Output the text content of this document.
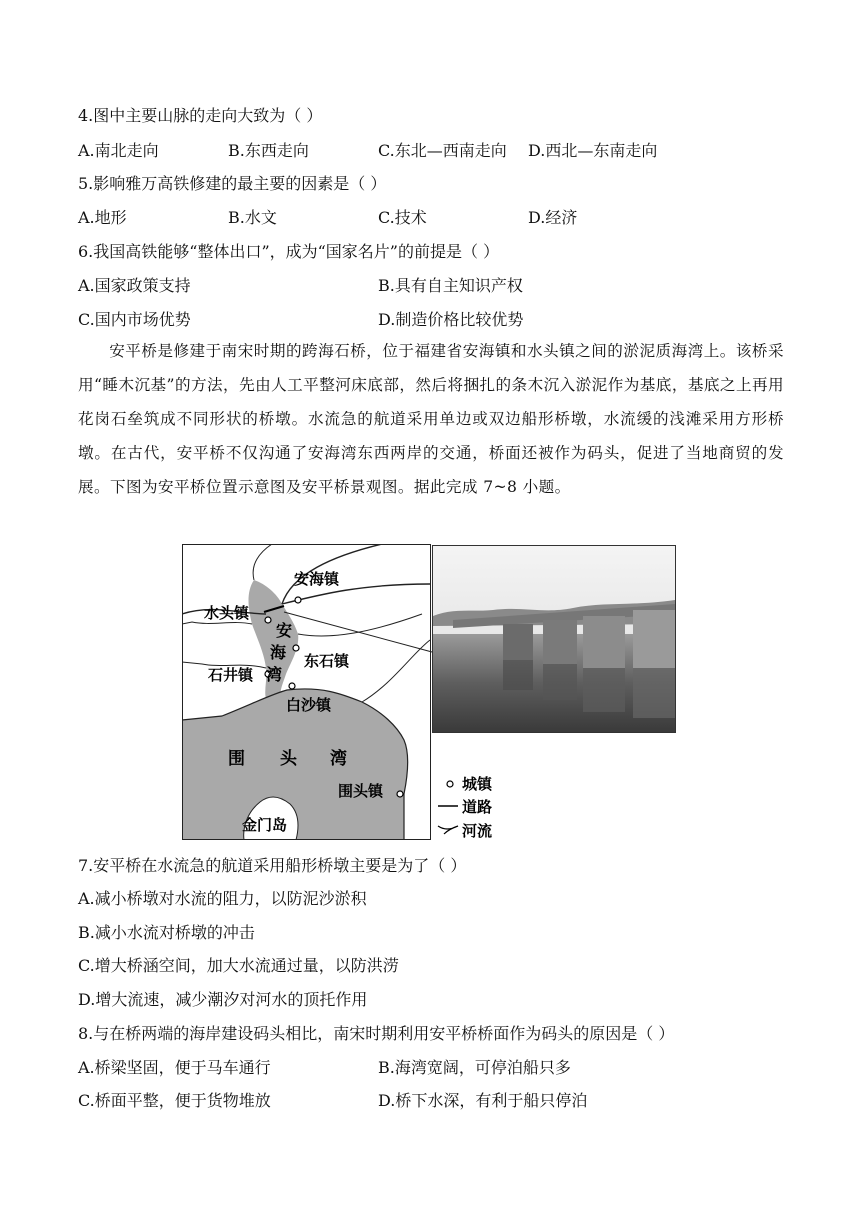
4.图中主要山脉的走向大致为（ ）
A.南北走向	B.东西走向	C.东北—西南走向 D.西北—东南走向
5.影响雅万高铁修建的最主要的因素是（ ）
A.地形	B.水文	C.技术	D.经济
6.我国高铁能够“整体出口”，成为“国家名片”的前提是（ ）
A.国家政策支持	B.具有自主知识产权
C.国内市场优势	D.制造价格比较优势

安平桥是修建于南宋时期的跨海石桥，位于福建省安海镇和水头镇之间的淤泥质海湾上。该桥采用“睡木沉基”的方法，先由人工平整河床底部，然后将捆扎的条木沉入淤泥作为基底，基底之上再用花岗石垒筑成不同形状的桥墩。水流急的航道采用单边或双边船形桥墩，水流缓的浅滩采用方形桥墩。在古代，安平桥不仅沟通了安海湾东西两岸的交通，桥面还被作为码头，促进了当地商贸的发展。下图为安平桥位置示意图及安平桥景观图。据此完成 7~8 小题。

安海镇
水头镇
安
海
湾
东石镇
石井镇
白沙镇
围 头 湾
围头镇
金门岛
城镇
道路
河流
7.安平桥在水流急的航道采用船形桥墩主要是为了（ ）
A.减小桥墩对水流的阻力，以防泥沙淤积
B.减小水流对桥墩的冲击
C.增大桥涵空间，加大水流通过量，以防洪涝
D.增大流速，减少潮汐对河水的顶托作用
8.与在桥两端的海岸建设码头相比，南宋时期利用安平桥桥面作为码头的原因是（ ）
A.桥梁坚固，便于马车通行	B.海湾宽阔，可停泊船只多
C.桥面平整，便于货物堆放	D.桥下水深，有利于船只停泊
